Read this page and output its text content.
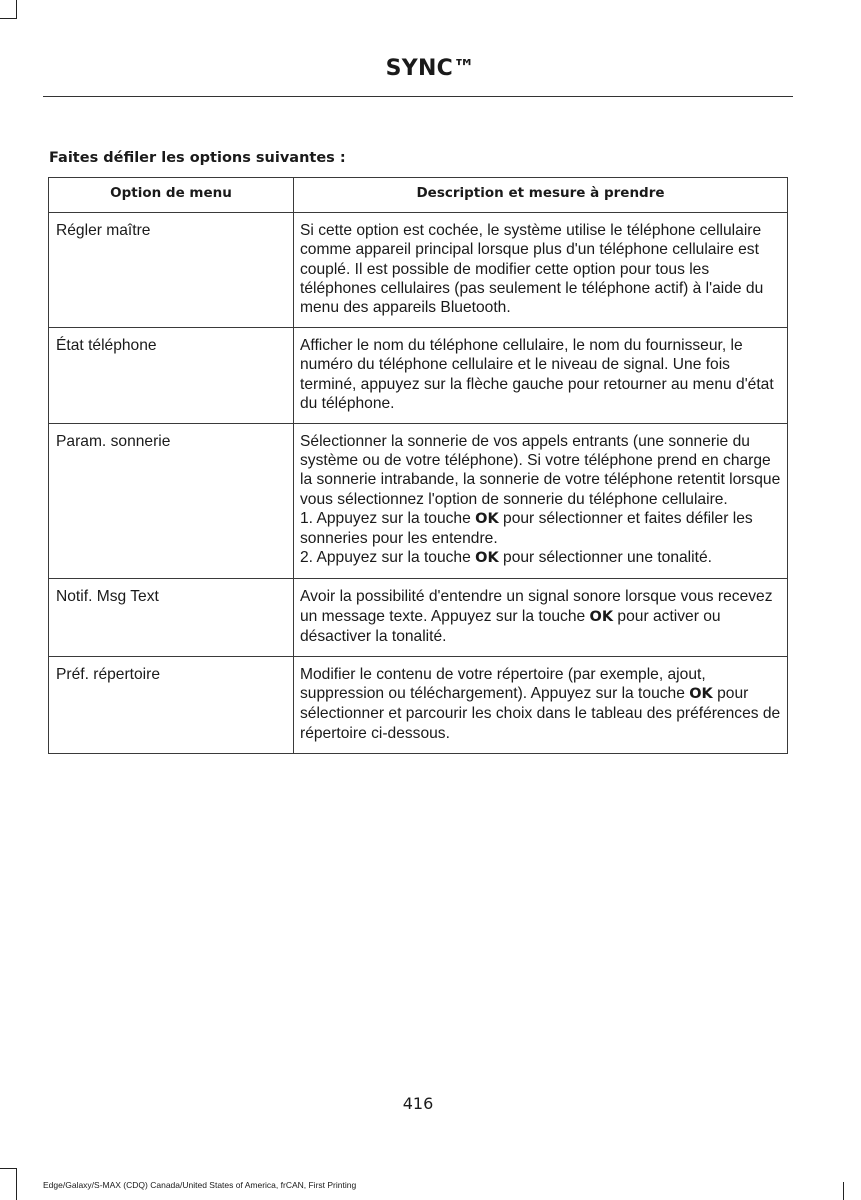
SYNC™
Faites défiler les options suivantes :
Option de menu	Description et mesure à prendre
Régler maître	Si cette option est cochée, le système utilise le téléphone cellulaire comme appareil principal lorsque plus d'un téléphone cellulaire est couplé. Il est possible de modifier cette option pour tous les téléphones cellulaires (pas seulement le téléphone actif) à l'aide du menu des appareils Bluetooth.

État téléphone	Afficher le nom du téléphone cellulaire, le nom du fournisseur, le numéro du téléphone cellulaire et le niveau de signal. Une fois terminé, appuyez sur la flèche gauche pour retourner au menu d'état du téléphone.

Param. sonnerie	Sélectionner la sonnerie de vos appels entrants (une sonnerie du système ou de votre téléphone). Si votre téléphone prend en charge la sonnerie intrabande, la sonnerie de votre téléphone retentit lorsque vous sélectionnez l'option de sonnerie du téléphone cellulaire.

1. Appuyez sur la touche OK pour sélectionner et faites défiler les sonneries pour les entendre.

2. Appuyez sur la touche OK pour sélectionner une tonalité.

Notif. Msg Text	Avoir la possibilité d'entendre un signal sonore lorsque vous recevez un message texte. Appuyez sur la touche OK pour activer ou désactiver la tonalité.

Préf. répertoire	Modifier le contenu de votre répertoire (par exemple, ajout, suppression ou téléchargement). Appuyez sur la touche OK pour sélectionner et parcourir les choix dans le tableau des préférences de répertoire ci-dessous.

416
Edge/Galaxy/S-MAX (CDQ) Canada/United States of America, frCAN, First Printing
